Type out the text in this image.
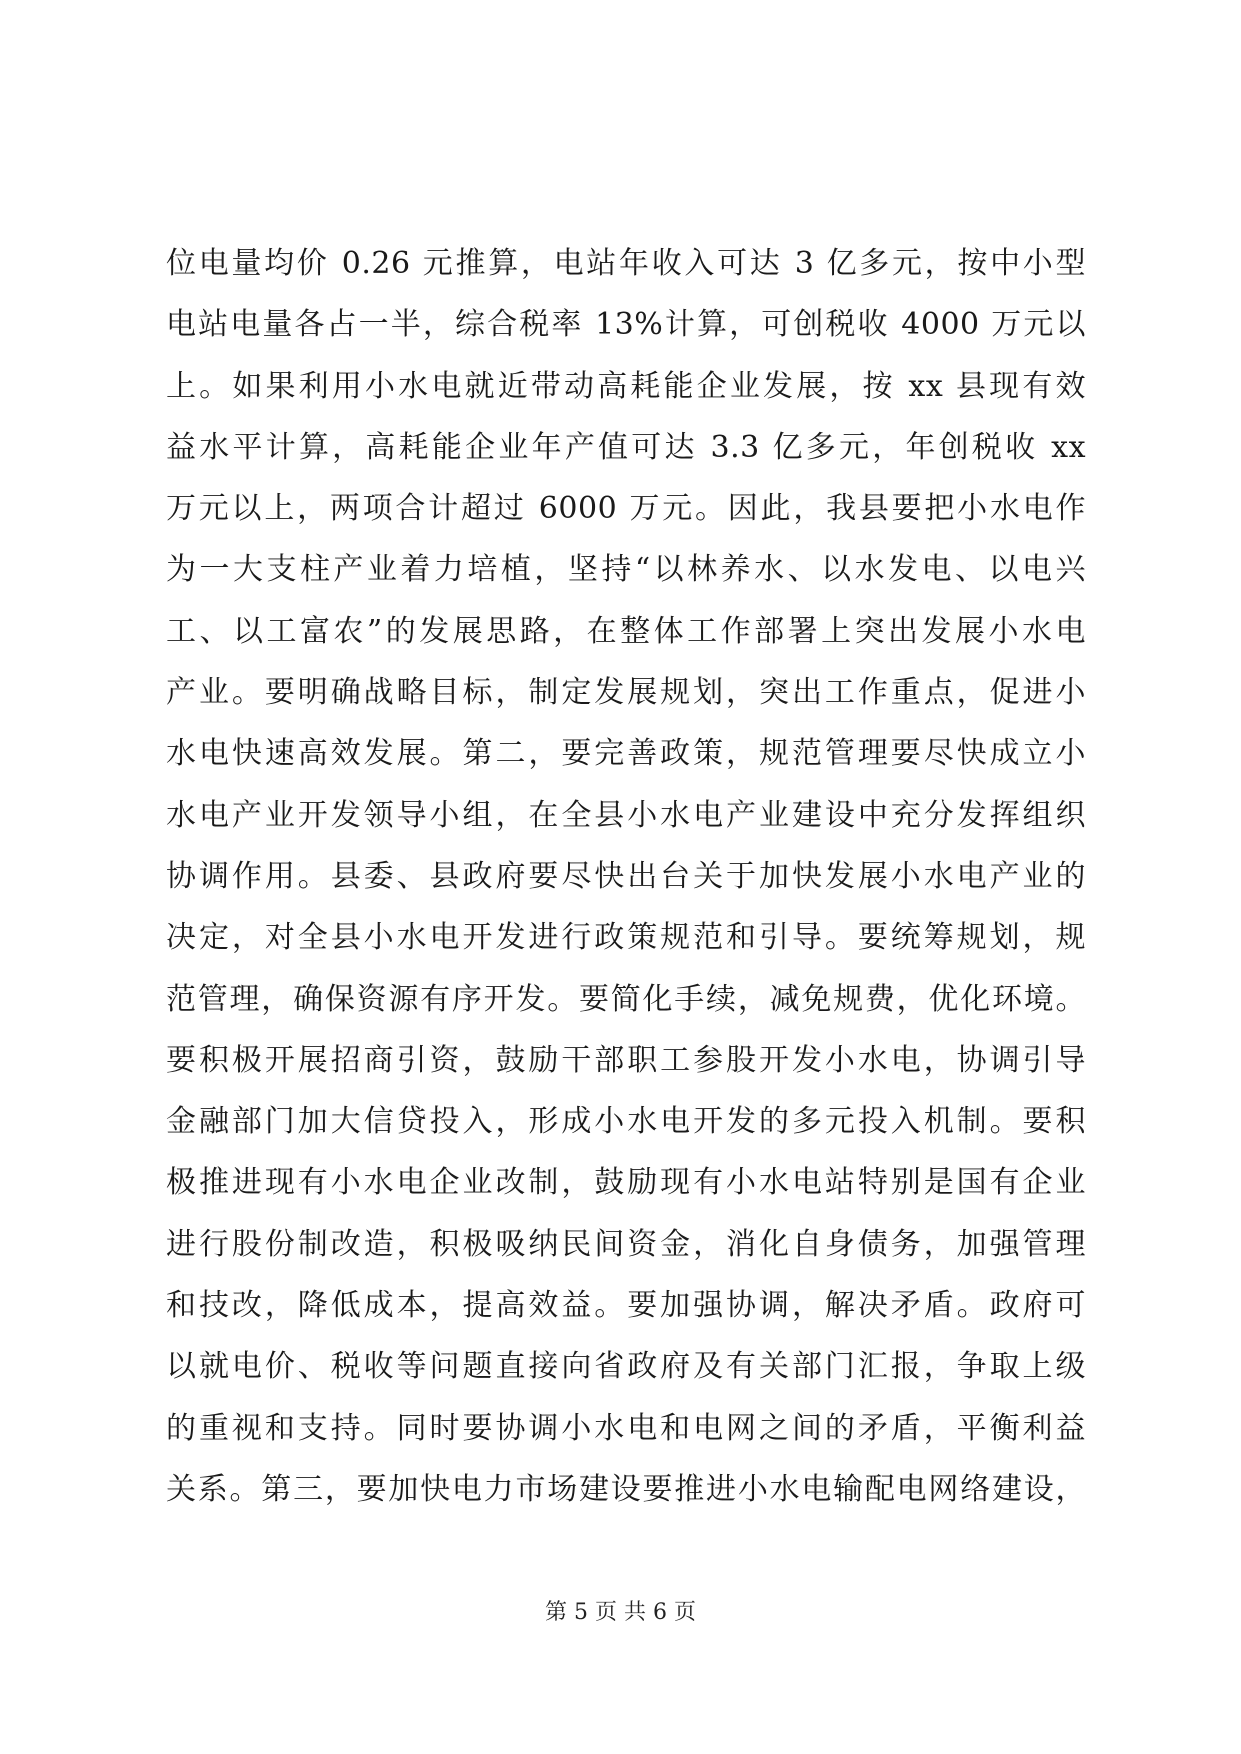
位电量均价 0.26 元推算，电站年收入可达 3 亿多元，按中小型
电站电量各占一半，综合税率 13%计算，可创税收 4000 万元以
上。如果利用小水电就近带动高耗能企业发展，按 xx 县现有效
益水平计算，高耗能企业年产值可达 3.3 亿多元，年创税收 xx
万元以上，两项合计超过 6000 万元。因此，我县要把小水电作
为一大支柱产业着力培植，坚持“以林养水、以水发电、以电兴
工、以工富农”的发展思路，在整体工作部署上突出发展小水电
产业。要明确战略目标，制定发展规划，突出工作重点，促进小
水电快速高效发展。第二，要完善政策，规范管理要尽快成立小
水电产业开发领导小组，在全县小水电产业建设中充分发挥组织
协调作用。县委、县政府要尽快出台关于加快发展小水电产业的
决定，对全县小水电开发进行政策规范和引导。要统筹规划，规
范管理，确保资源有序开发。要简化手续，减免规费，优化环境。
要积极开展招商引资，鼓励干部职工参股开发小水电，协调引导
金融部门加大信贷投入，形成小水电开发的多元投入机制。要积
极推进现有小水电企业改制，鼓励现有小水电站特别是国有企业
进行股份制改造，积极吸纳民间资金，消化自身债务，加强管理
和技改，降低成本，提高效益。要加强协调，解决矛盾。政府可
以就电价、税收等问题直接向省政府及有关部门汇报，争取上级
的重视和支持。同时要协调小水电和电网之间的矛盾，平衡利益
关系。第三，要加快电力市场建设要推进小水电输配电网络建设，
第 5 页 共 6 页
